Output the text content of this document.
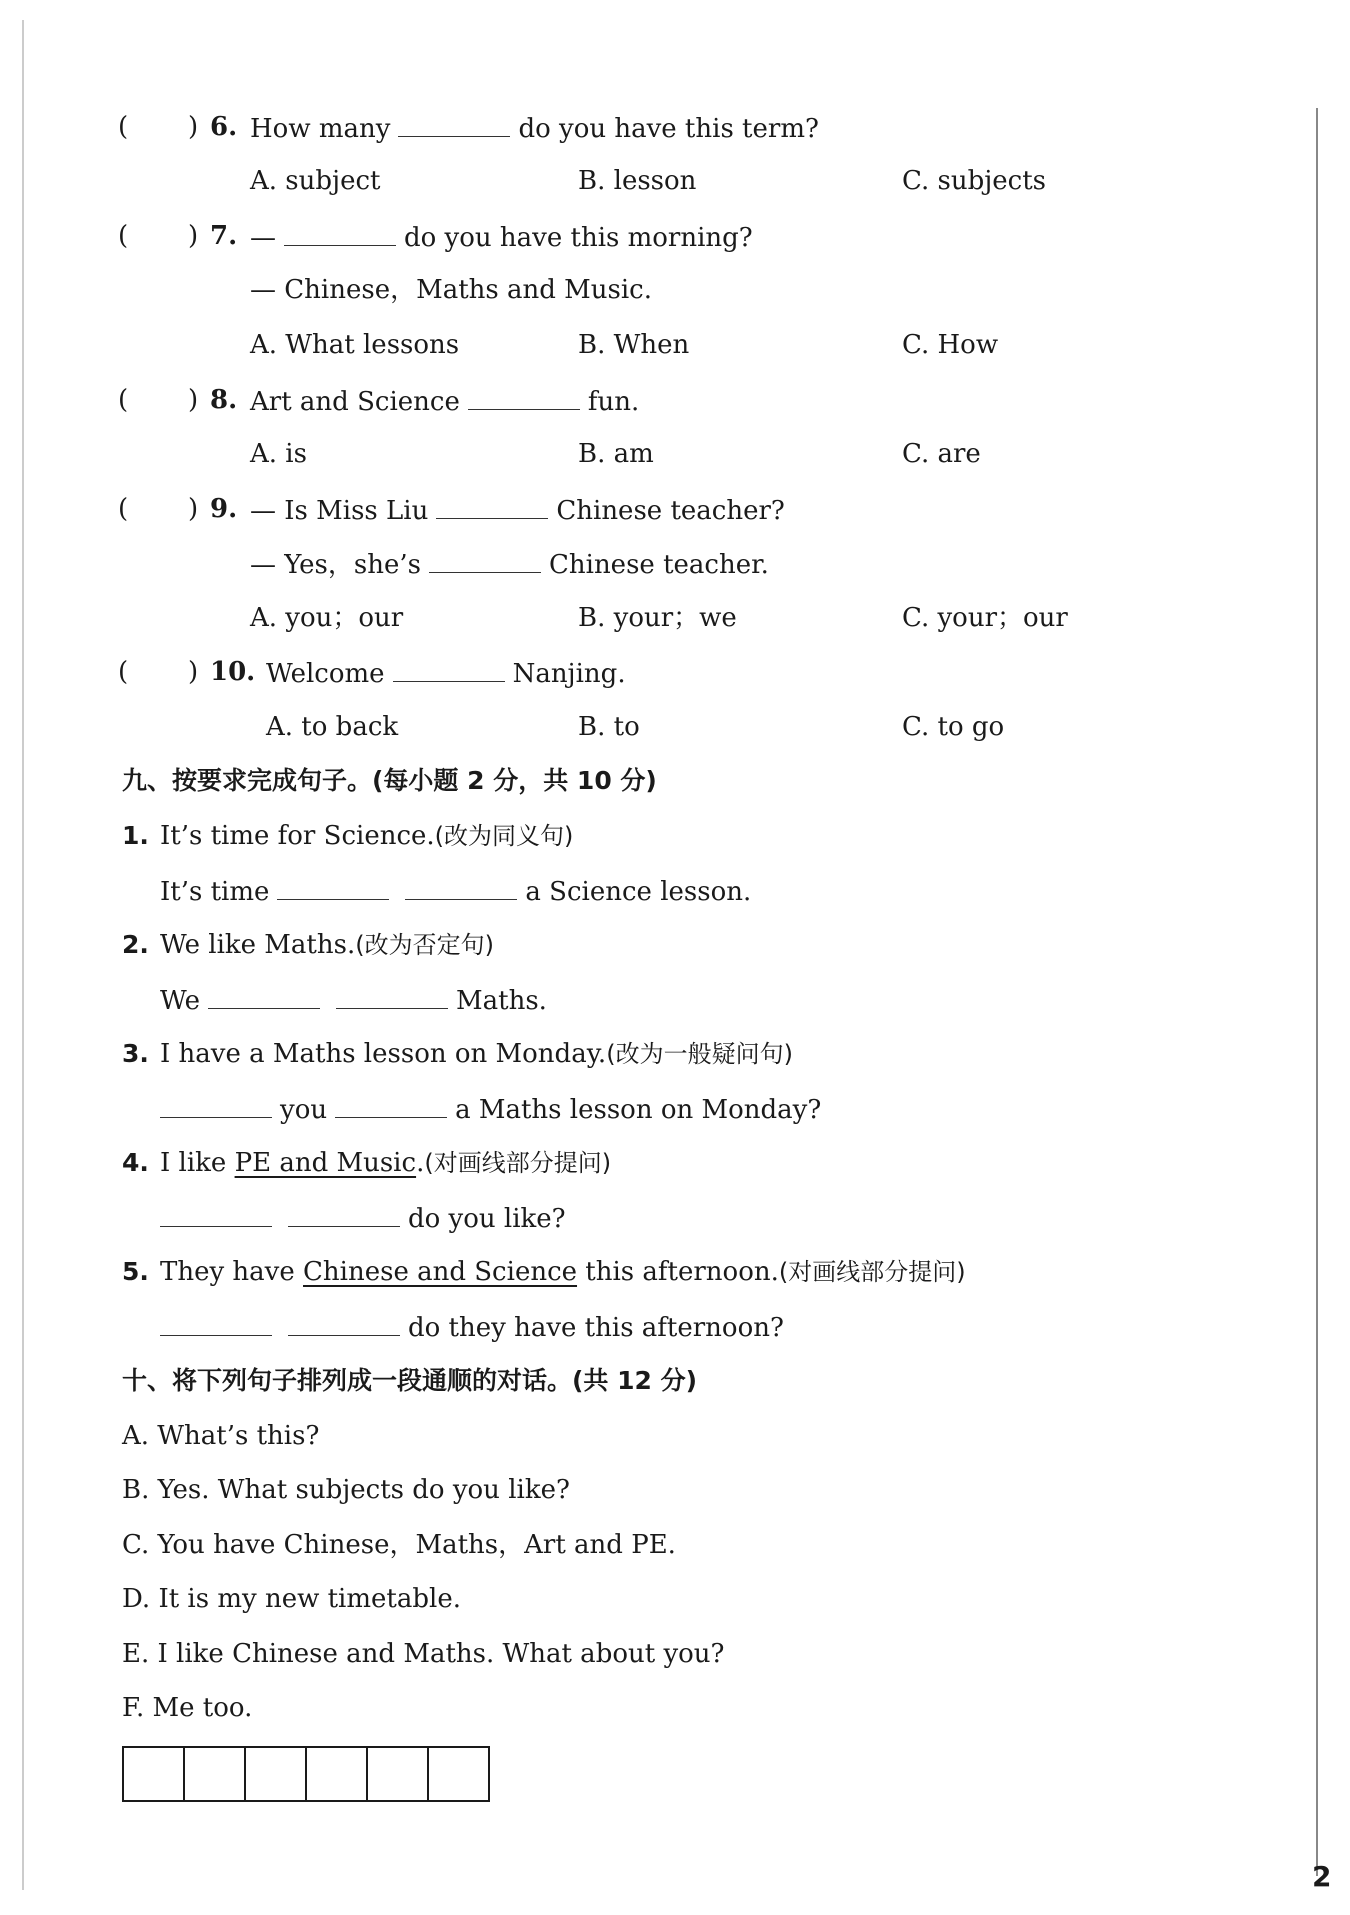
( ) 6. How many	do you have this term?
A. subject	B. lesson	C. subjects
( ) 7. —	do you have this morning?
— Chinese，Maths and Music.
A. What lessons	B. When	C. How
( ) 8. Art and Science	fun.
A. is	B. am	C. are
( ) 9. — Is Miss Liu	Chinese teacher?
— Yes，she’s	Chinese teacher.
A. you；our	B. your；we	C. your；our
( ) 10. Welcome	Nanjing.
A. to back	B. to	C. to go
九、按要求完成句子。(每小题 2 分，共 10 分)
1. It’s time for Science.(改为同义句)
It’s time	a Science lesson.
2. We like Maths.(改为否定句)
We	Maths.
3. I have a Maths lesson on Monday.(改为一般疑问句)
you	a Maths lesson on Monday?
4. I like PE and Music.(对画线部分提问)
do you like?
5. They have Chinese and Science this afternoon.(对画线部分提问)
do they have this afternoon?
十、将下列句子排列成一段通顺的对话。(共 12 分)
A. What’s this?
B. Yes. What subjects do you like?
C. You have Chinese，Maths，Art and PE.
D. It is my new timetable.
E. I like Chinese and Maths. What about you?
F. Me too.
2
